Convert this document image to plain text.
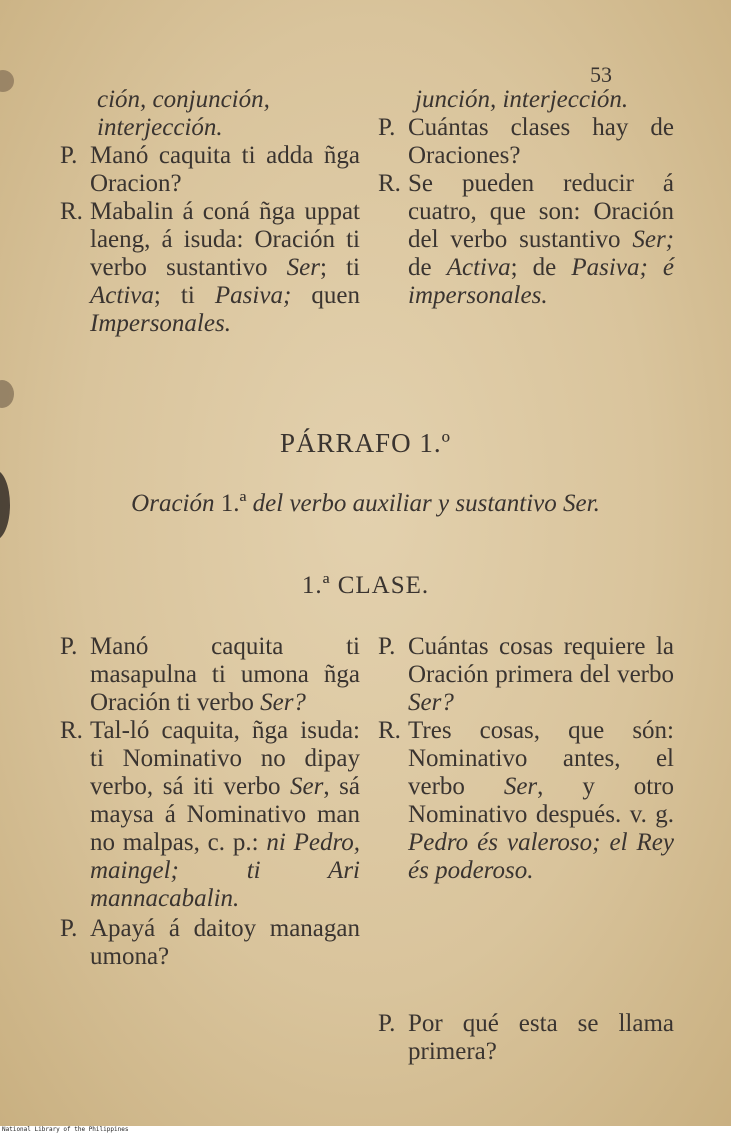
53
ción, conjunción, interjección.
P. Manó caquita ti adda ñga Oracion?
R. Mabalin á coná ñga uppat laeng, á isuda: Oración ti verbo sustantivo Ser; ti Activa; ti Pasiva; quen Impersonales.
junción, interjección.
P. Cuántas clases hay de Oraciones?
R. Se pueden reducir á cuatro, que son: Oración del verbo sustantivo Ser; de Activa; de Pasiva; é impersonales.
PÁRRAFO 1.º
Oración 1.ª del verbo auxiliar y sustantivo Ser.
1.ª CLASE.
P. Manó caquita ti masapulna ti umona ñga Oración ti verbo Ser?
R. Tal-ló caquita, ñga isuda: ti Nominativo no dipay verbo, sá iti verbo Ser, sá maysa á Nominativo man no malpas, c. p.: ni Pedro, maingel; ti Ari mannacabalin.
P. Apayá á daitoy managan umona?
P. Cuántas cosas requiere la Oración primera del verbo Ser?
R. Tres cosas, que són: Nominativo antes, el verbo Ser, y otro Nominativo después. v. g. Pedro és valeroso; el Rey és poderoso.
P. Por qué esta se llama primera?
National Library of the Philippines
